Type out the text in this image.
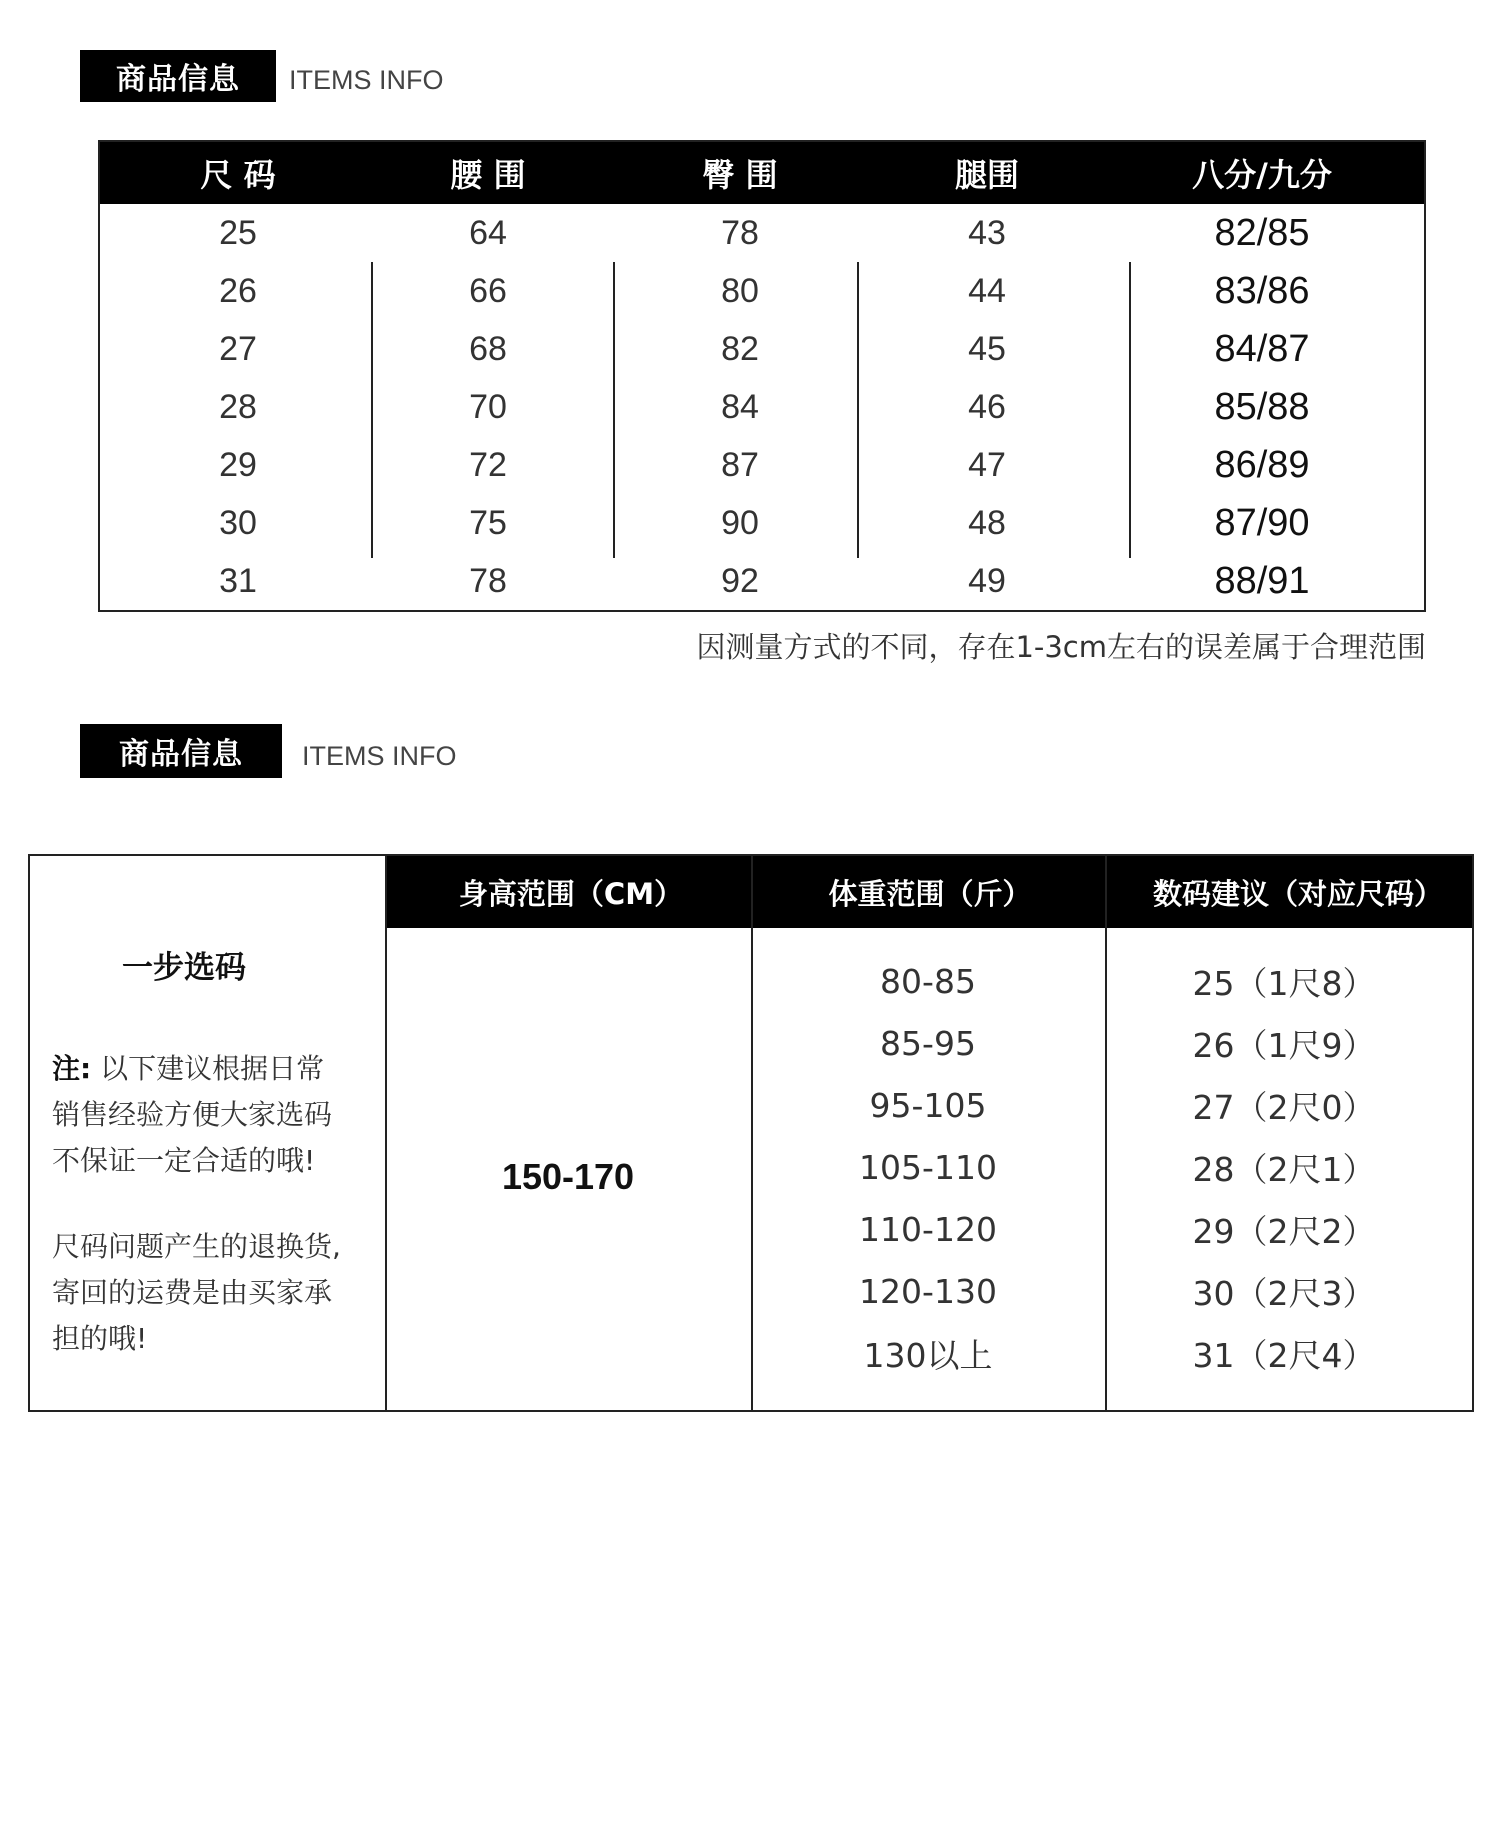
商品信息	ITEMS INFO
尺 码	腰 围	臀 围	腿围	八分/九分
25	64	78	43	82/85
26	66	80	44	83/86
27	68	82	45	84/87
28	70	84	46	85/88
29	72	87	47	86/89
30	75	90	48	87/90
31	78	92	49	88/91
因测量方式的不同，存在1-3cm左右的误差属于合理范围
商品信息	ITEMS INFO
一步选码
注: 以下建议根据日常
销售经验方便大家选码
不保证一定合适的哦!
尺码问题产生的退换货,
寄回的运费是由买家承
担的哦!
身高范围（CM）	体重范围（斤）	数码建议（对应尺码）
150-170
80-85	25（1尺8）
85-95	26（1尺9）
95-105	27（2尺0）
105-110	28（2尺1）
110-120	29（2尺2）
120-130	30（2尺3）
130以上	31（2尺4）
